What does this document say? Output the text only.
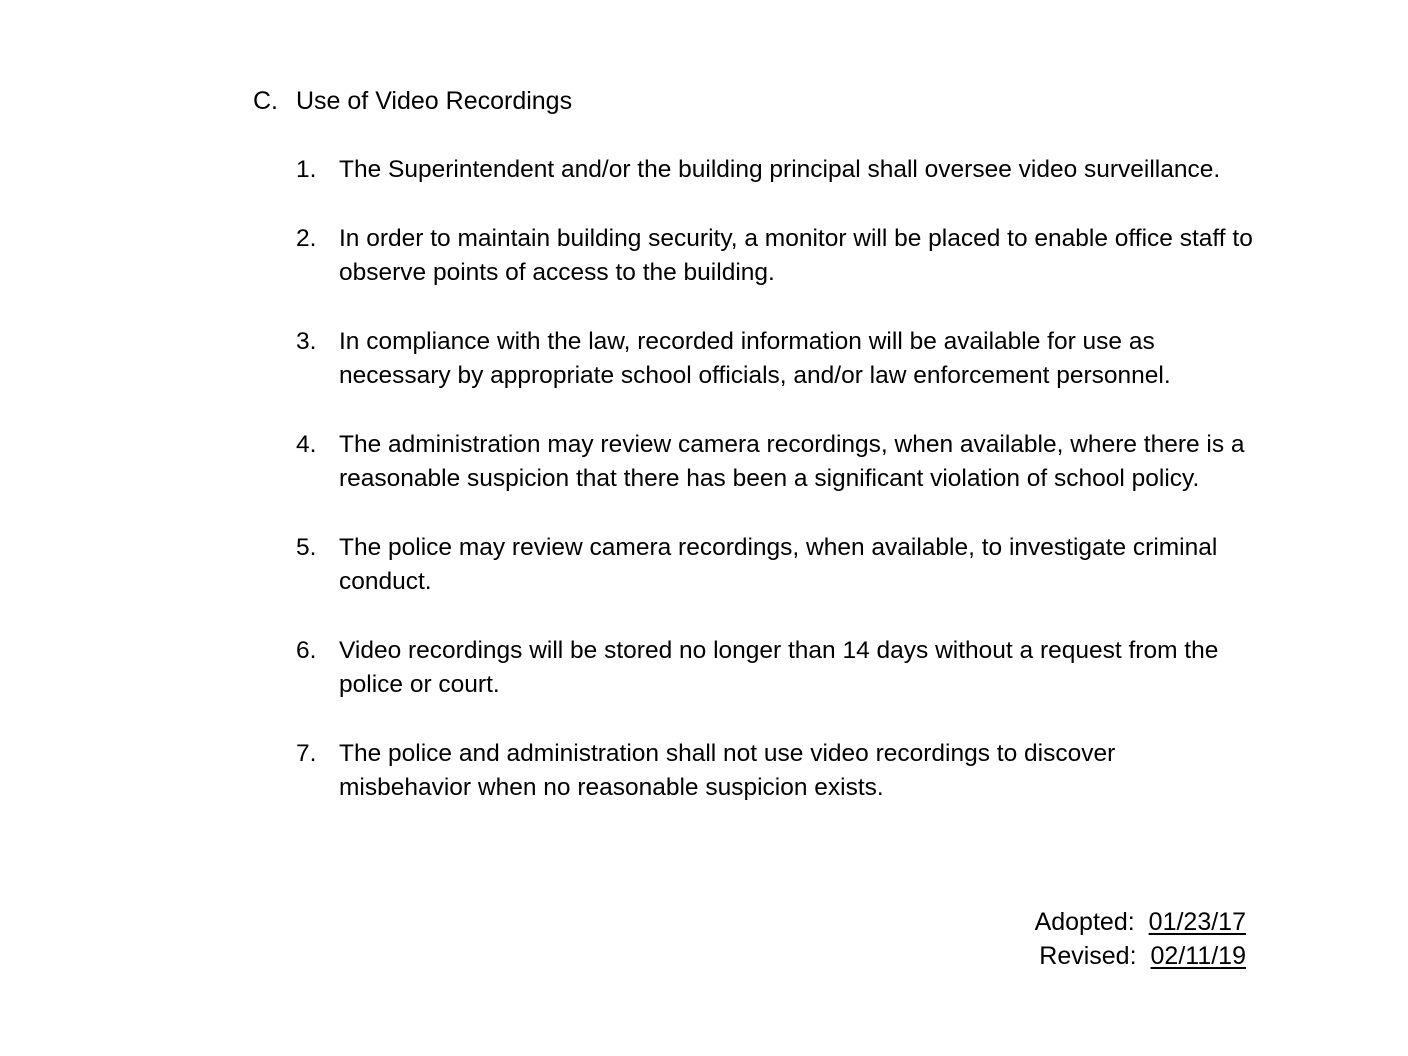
C. Use of Video Recordings
1. The Superintendent and/or the building principal shall oversee video surveillance.
2. In order to maintain building security, a monitor will be placed to enable office staff to observe points of access to the building.
3. In compliance with the law, recorded information will be available for use as necessary by appropriate school officials, and/or law enforcement personnel.
4. The administration may review camera recordings, when available, where there is a reasonable suspicion that there has been a significant violation of school policy.
5. The police may review camera recordings, when available, to investigate criminal conduct.
6. Video recordings will be stored no longer than 14 days without a request from the police or court.
7. The police and administration shall not use video recordings to discover misbehavior when no reasonable suspicion exists.
Adopted: 01/23/17
Revised: 02/11/19
